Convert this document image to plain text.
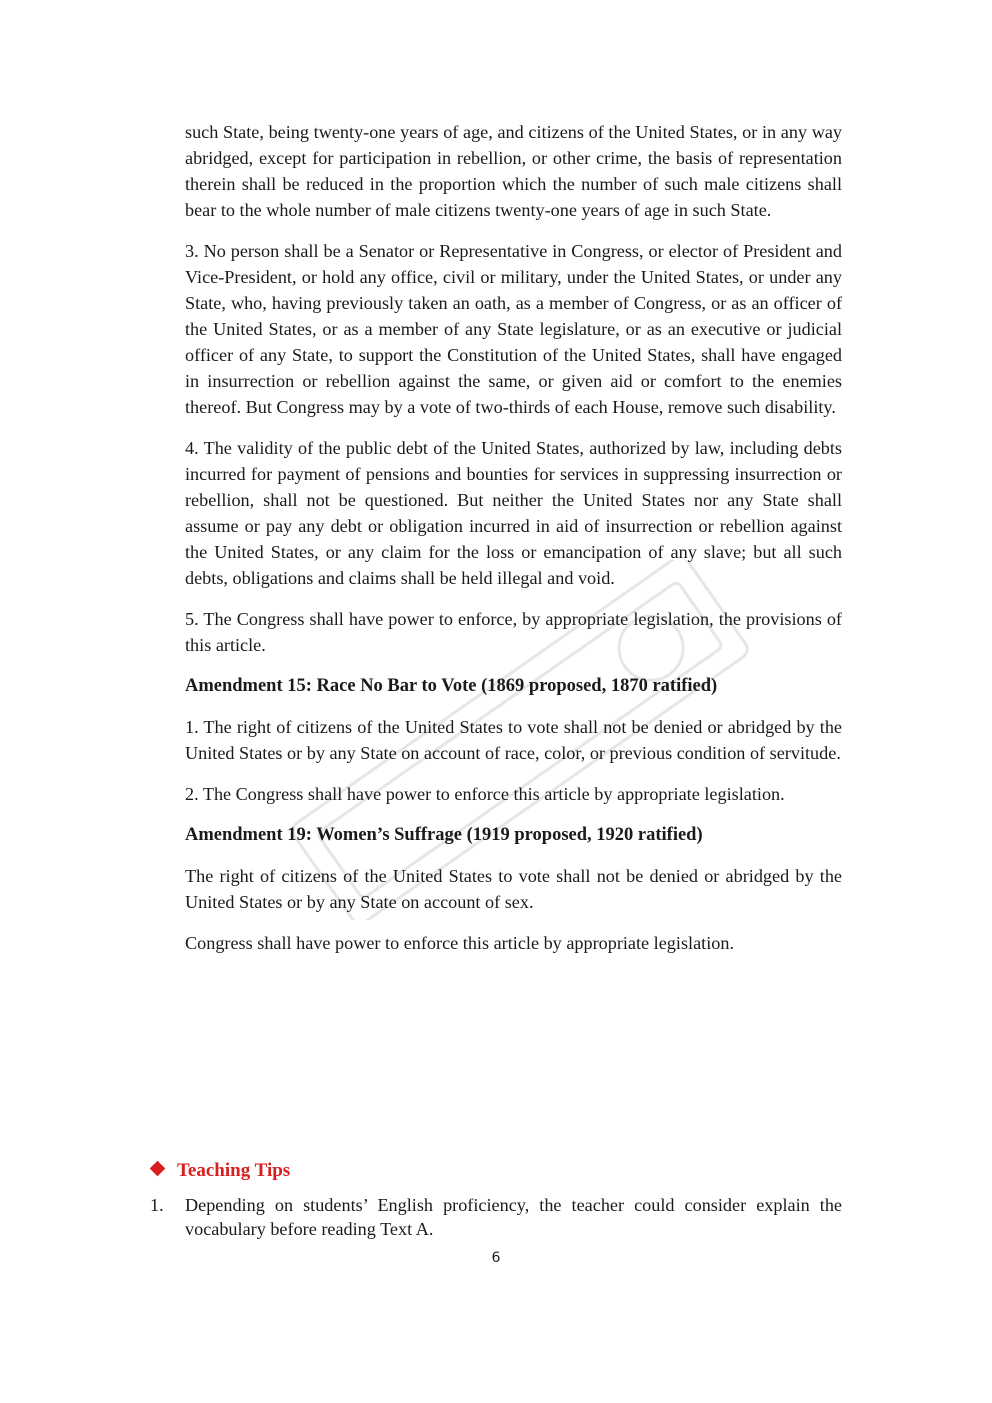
such State, being twenty-one years of age, and citizens of the United States, or in any way abridged, except for participation in rebellion, or other crime, the basis of representation therein shall be reduced in the proportion which the number of such male citizens shall bear to the whole number of male citizens twenty-one years of age in such State.

3. No person shall be a Senator or Representative in Congress, or elector of President and Vice-President, or hold any office, civil or military, under the United States, or under any State, who, having previously taken an oath, as a member of Congress, or as an officer of the United States, or as a member of any State legislature, or as an executive or judicial officer of any State, to support the Constitution of the United States, shall have engaged in insurrection or rebellion against the same, or given aid or comfort to the enemies thereof. But Congress may by a vote of two-thirds of each House, remove such disability.

4. The validity of the public debt of the United States, authorized by law, including debts incurred for payment of pensions and bounties for services in suppressing insurrection or rebellion, shall not be questioned. But neither the United States nor any State shall assume or pay any debt or obligation incurred in aid of insurrection or rebellion against the United States, or any claim for the loss or emancipation of any slave; but all such debts, obligations and claims shall be held illegal and void.

5. The Congress shall have power to enforce, by appropriate legislation, the provisions of this article.

Amendment 15: Race No Bar to Vote (1869 proposed, 1870 ratified)

1. The right of citizens of the United States to vote shall not be denied or abridged by the United States or by any State on account of race, color, or previous condition of servitude.

2. The Congress shall have power to enforce this article by appropriate legislation.

Amendment 19: Women’s Suffrage (1919 proposed, 1920 ratified)

The right of citizens of the United States to vote shall not be denied or abridged by the United States or by any State on account of sex.

Congress shall have power to enforce this article by appropriate legislation.

Teaching Tips
1.	Depending on students’ English proficiency, the teacher could consider explain the vocabulary before reading Text A.
6
